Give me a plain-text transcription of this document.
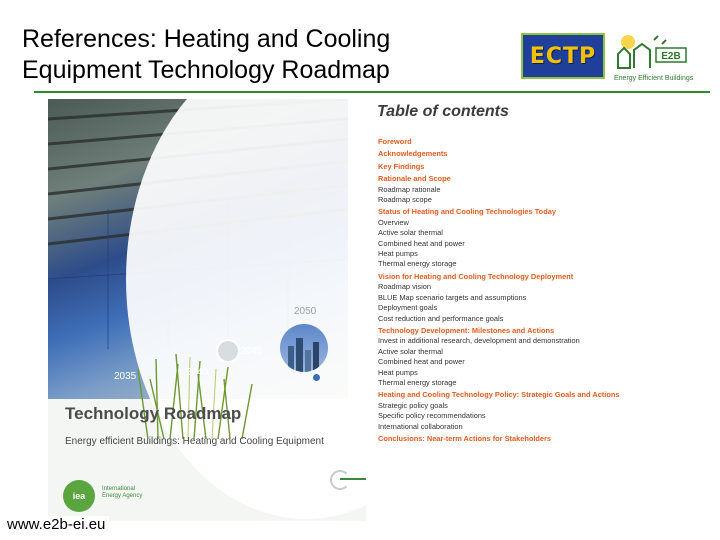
References: Heating and Cooling
Equipment Technology Roadmap	ECTP	E2B
Energy Efficient Buildings
2050
2045
2040
2035
Technology Roadmap
Energy efficient Buildings: Heating and Cooling Equipment
iea
International Energy Agency
Table of contents
Foreword
Acknowledgements
Key Findings
Rationale and Scope
Roadmap rationale
Roadmap scope
Status of Heating and Cooling Technologies Today
Overview
Active solar thermal
Combined heat and power
Heat pumps
Thermal energy storage
Vision for Heating and Cooling Technology Deployment
Roadmap vision
BLUE Map scenario targets and assumptions
Deployment goals
Cost reduction and performance goals
Technology Development: Milestones and Actions
Invest in additional research, development and demonstration
Active solar thermal
Combined heat and power
Heat pumps
Thermal energy storage
Heating and Cooling Technology Policy: Strategic Goals and Actions
Strategic policy goals
Specific policy recommendations
International collaboration
Conclusions: Near-term Actions for Stakeholders
www.e2b-ei.eu
